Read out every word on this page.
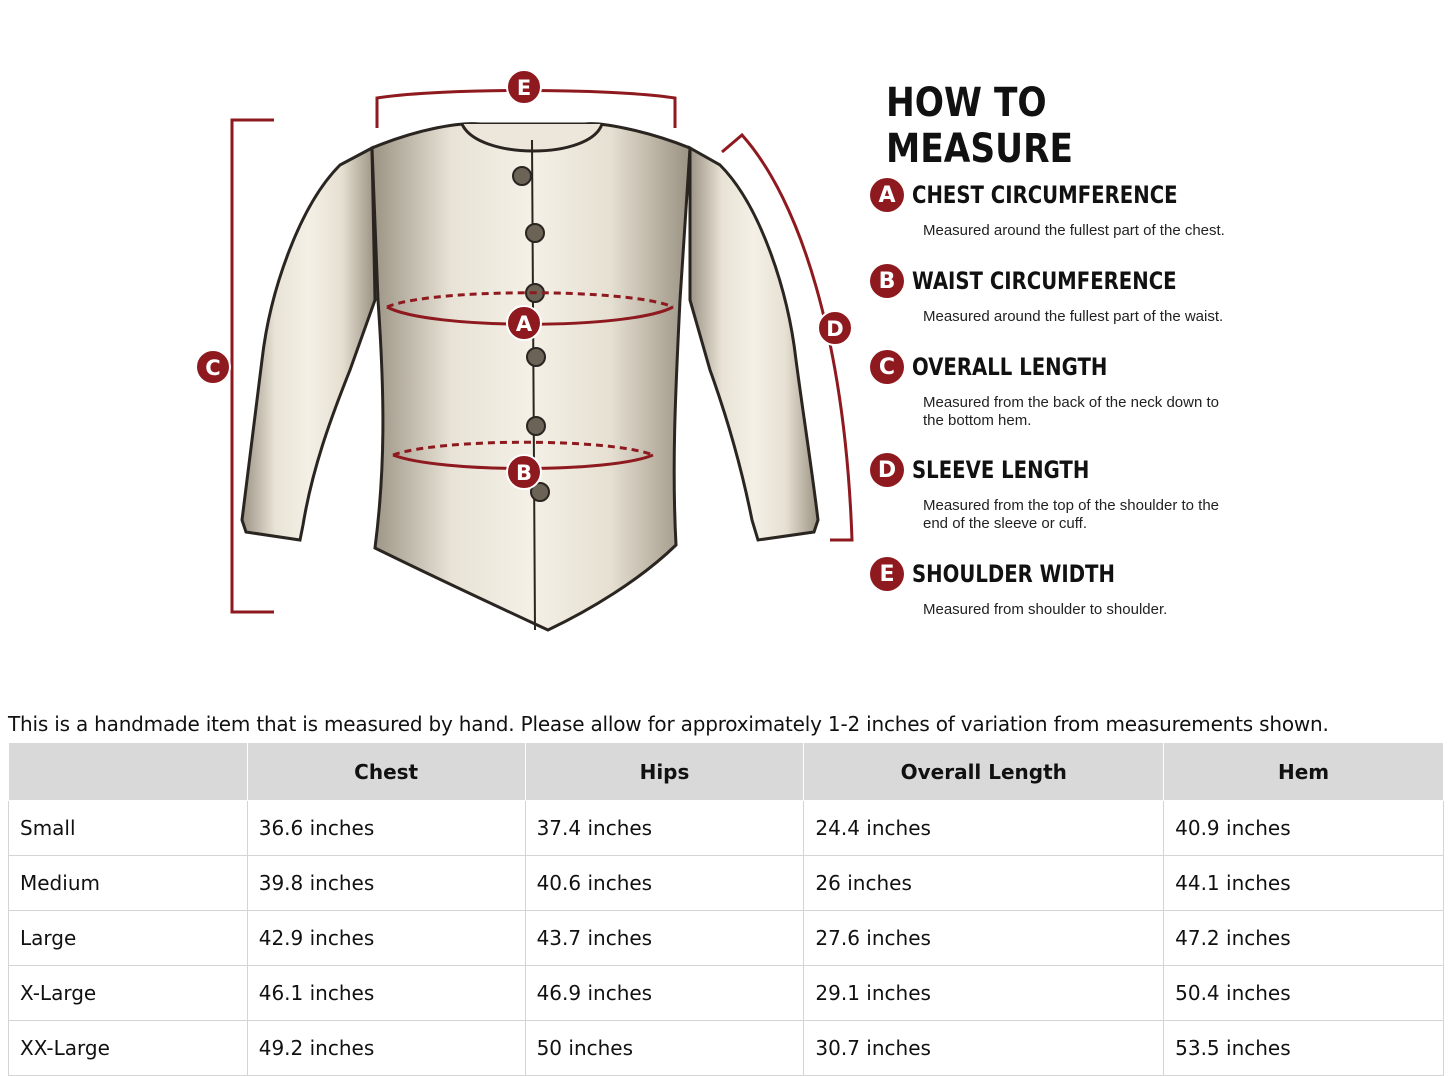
A
B
C
D
E	HOW TO MEASURE
A CHEST CIRCUMFERENCE
Measured around the fullest part of the chest.
B WAIST CIRCUMFERENCE
Measured around the fullest part of the waist.
C OVERALL LENGTH
Measured from the back of the neck down to the bottom hem.
D SLEEVE LENGTH
Measured from the top of the shoulder to the end of the sleeve or cuff.
E SHOULDER WIDTH
Measured from shoulder to shoulder.
This is a handmade item that is measured by hand. Please allow for approximately 1-2 inches of variation from measurements shown.
	Chest	Hips	Overall Length	Hem
Small	36.6 inches	37.4 inches	24.4 inches	40.9 inches
Medium	39.8 inches	40.6 inches	26 inches	44.1 inches
Large	42.9 inches	43.7 inches	27.6 inches	47.2 inches
X-Large	46.1 inches	46.9 inches	29.1 inches	50.4 inches
XX-Large	49.2 inches	50 inches	30.7 inches	53.5 inches
